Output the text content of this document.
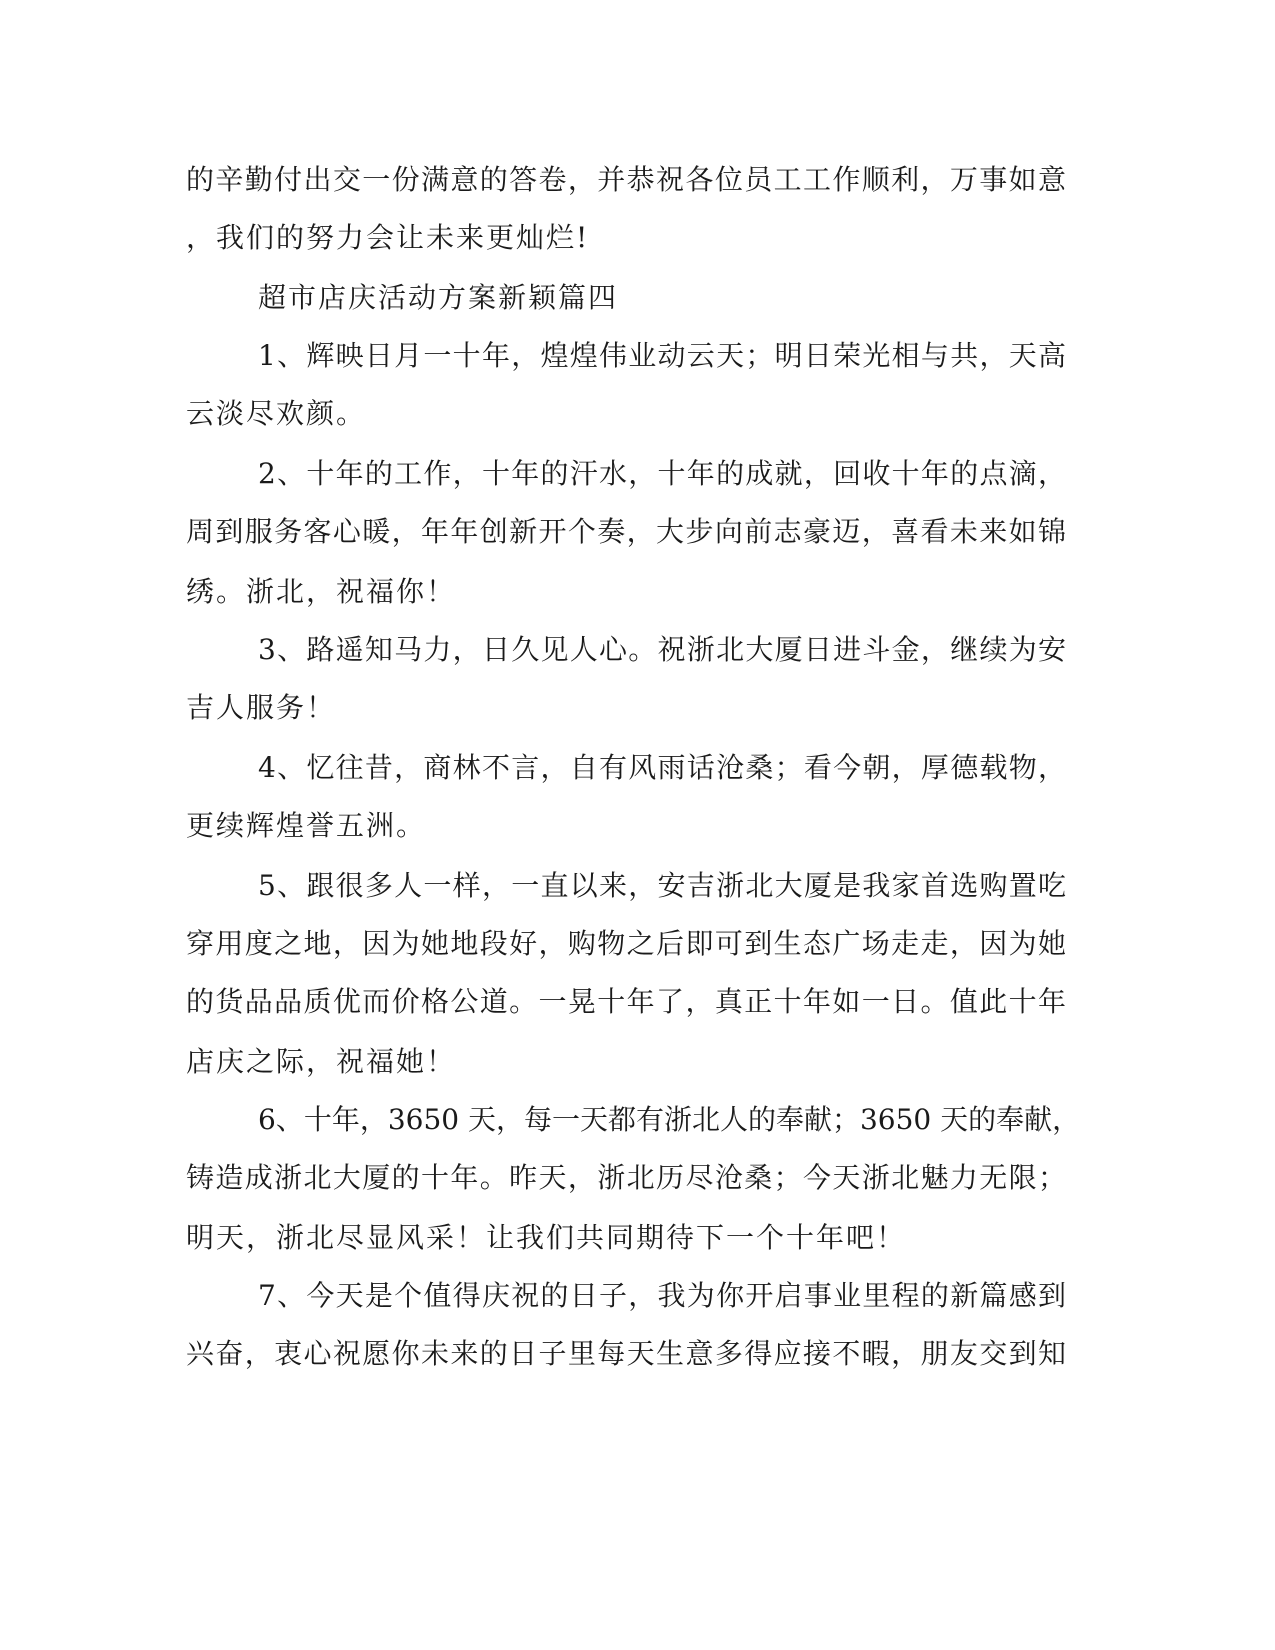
的辛勤付出交一份满意的答卷，并恭祝各位员工工作顺利，万事如意
，我们的努力会让未来更灿烂!
超市店庆活动方案新颖篇四
1、辉映日月一十年，煌煌伟业动云天；明日荣光相与共，天高
云淡尽欢颜。
2、十年的工作，十年的汗水，十年的成就，回收十年的点滴，
周到服务客心暖，年年创新开个奏，大步向前志豪迈，喜看未来如锦
绣。浙北，祝福你！
3、路遥知马力，日久见人心。祝浙北大厦日进斗金，继续为安
吉人服务！
4、忆往昔，商林不言，自有风雨话沧桑；看今朝，厚德载物，
更续辉煌誉五洲。
5、跟很多人一样，一直以来，安吉浙北大厦是我家首选购置吃
穿用度之地，因为她地段好，购物之后即可到生态广场走走，因为她
的货品品质优而价格公道。一晃十年了，真正十年如一日。值此十年
店庆之际，祝福她！
6、十年，3650 天，每一天都有浙北人的奉献；3650 天的奉献，
铸造成浙北大厦的十年。昨天，浙北历尽沧桑；今天浙北魅力无限；
明天，浙北尽显风采！让我们共同期待下一个十年吧！
7、今天是个值得庆祝的日子，我为你开启事业里程的新篇感到
兴奋，衷心祝愿你未来的日子里每天生意多得应接不暇，朋友交到知
